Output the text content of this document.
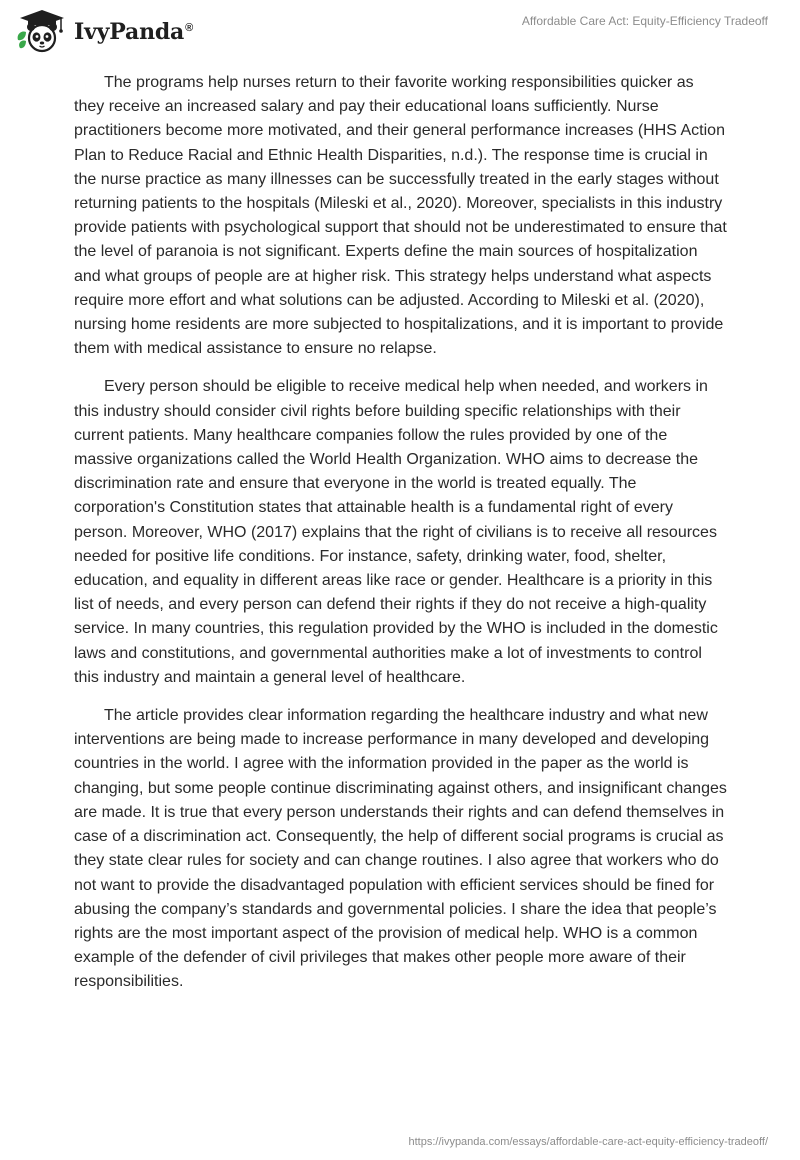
IvyPanda®	Affordable Care Act: Equity-Efficiency Tradeoff

The programs help nurses return to their favorite working responsibilities quicker as they receive an increased salary and pay their educational loans sufficiently. Nurse practitioners become more motivated, and their general performance increases (HHS Action Plan to Reduce Racial and Ethnic Health Disparities, n.d.). The response time is crucial in the nurse practice as many illnesses can be successfully treated in the early stages without returning patients to the hospitals (Mileski et al., 2020). Moreover, specialists in this industry provide patients with psychological support that should not be underestimated to ensure that the level of paranoia is not significant. Experts define the main sources of hospitalization and what groups of people are at higher risk. This strategy helps understand what aspects require more effort and what solutions can be adjusted. According to Mileski et al. (2020), nursing home residents are more subjected to hospitalizations, and it is important to provide them with medical assistance to ensure no relapse.

Every person should be eligible to receive medical help when needed, and workers in this industry should consider civil rights before building specific relationships with their current patients. Many healthcare companies follow the rules provided by one of the massive organizations called the World Health Organization. WHO aims to decrease the discrimination rate and ensure that everyone in the world is treated equally. The corporation's Constitution states that attainable health is a fundamental right of every person. Moreover, WHO (2017) explains that the right of civilians is to receive all resources needed for positive life conditions. For instance, safety, drinking water, food, shelter, education, and equality in different areas like race or gender. Healthcare is a priority in this list of needs, and every person can defend their rights if they do not receive a high-quality service. In many countries, this regulation provided by the WHO is included in the domestic laws and constitutions, and governmental authorities make a lot of investments to control this industry and maintain a general level of healthcare.

The article provides clear information regarding the healthcare industry and what new interventions are being made to increase performance in many developed and developing countries in the world. I agree with the information provided in the paper as the world is changing, but some people continue discriminating against others, and insignificant changes are made. It is true that every person understands their rights and can defend themselves in case of a discrimination act. Consequently, the help of different social programs is crucial as they state clear rules for society and can change routines. I also agree that workers who do not want to provide the disadvantaged population with efficient services should be fined for abusing the company’s standards and governmental policies. I share the idea that people’s rights are the most important aspect of the provision of medical help. WHO is a common example of the defender of civil privileges that makes other people more aware of their responsibilities.

https://ivypanda.com/essays/affordable-care-act-equity-efficiency-tradeoff/
